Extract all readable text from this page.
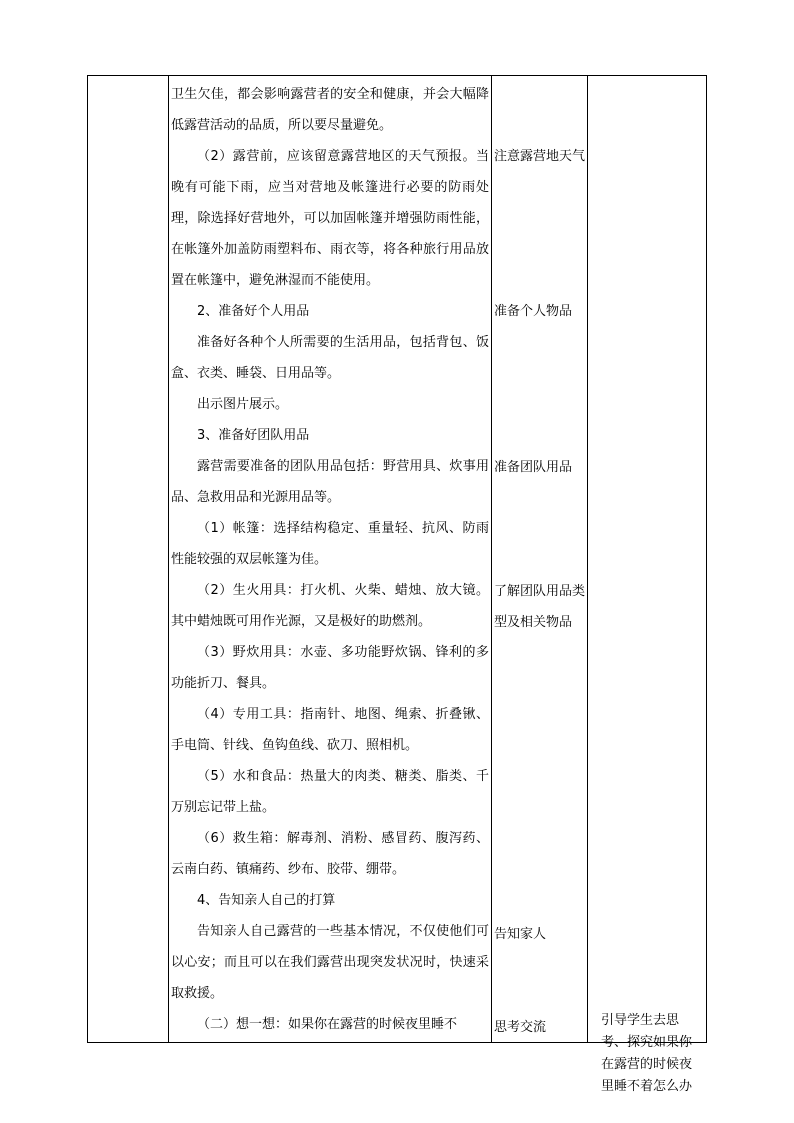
卫生欠佳，都会影响露营者的安全和健康，并会大幅降低露营活动的品质，所以要尽量避免。

（2）露营前，应该留意露营地区的天气预报。当晚有可能下雨，应当对营地及帐篷进行必要的防雨处理，除选择好营地外，可以加固帐篷并增强防雨性能，在帐篷外加盖防雨塑料布、雨衣等，将各种旅行用品放置在帐篷中，避免淋湿而不能使用。

2、准备好个人用品

准备好各种个人所需要的生活用品，包括背包、饭盒、衣类、睡袋、日用品等。

出示图片展示。

3、准备好团队用品

露营需要准备的团队用品包括：野营用具、炊事用品、急救用品和光源用品等。

（1）帐篷：选择结构稳定、重量轻、抗风、防雨性能较强的双层帐篷为佳。

（2）生火用具：打火机、火柴、蜡烛、放大镜。其中蜡烛既可用作光源，又是极好的助燃剂。

（3）野炊用具：水壶、多功能野炊锅、锋利的多功能折刀、餐具。

（4）专用工具：指南针、地图、绳索、折叠锹、手电筒、针线、鱼钩鱼线、砍刀、照相机。

（5）水和食品：热量大的肉类、糖类、脂类、千万别忘记带上盐。

（6）救生箱：解毒剂、消粉、感冒药、腹泻药、云南白药、镇痛药、纱布、胶带、绷带。

4、告知亲人自己的打算

告知亲人自己露营的一些基本情况，不仅使他们可以心安；而且可以在我们露营出现突发状况时，快速采取救援。

（二）想一想：如果你在露营的时候夜里睡不

注意露营地天气
准备个人物品
准备团队用品
了解团队用品类型及相关物品
告知家人
思考交流	引导学生去思考、探究如果你在露营的时候夜里睡不着怎么办
